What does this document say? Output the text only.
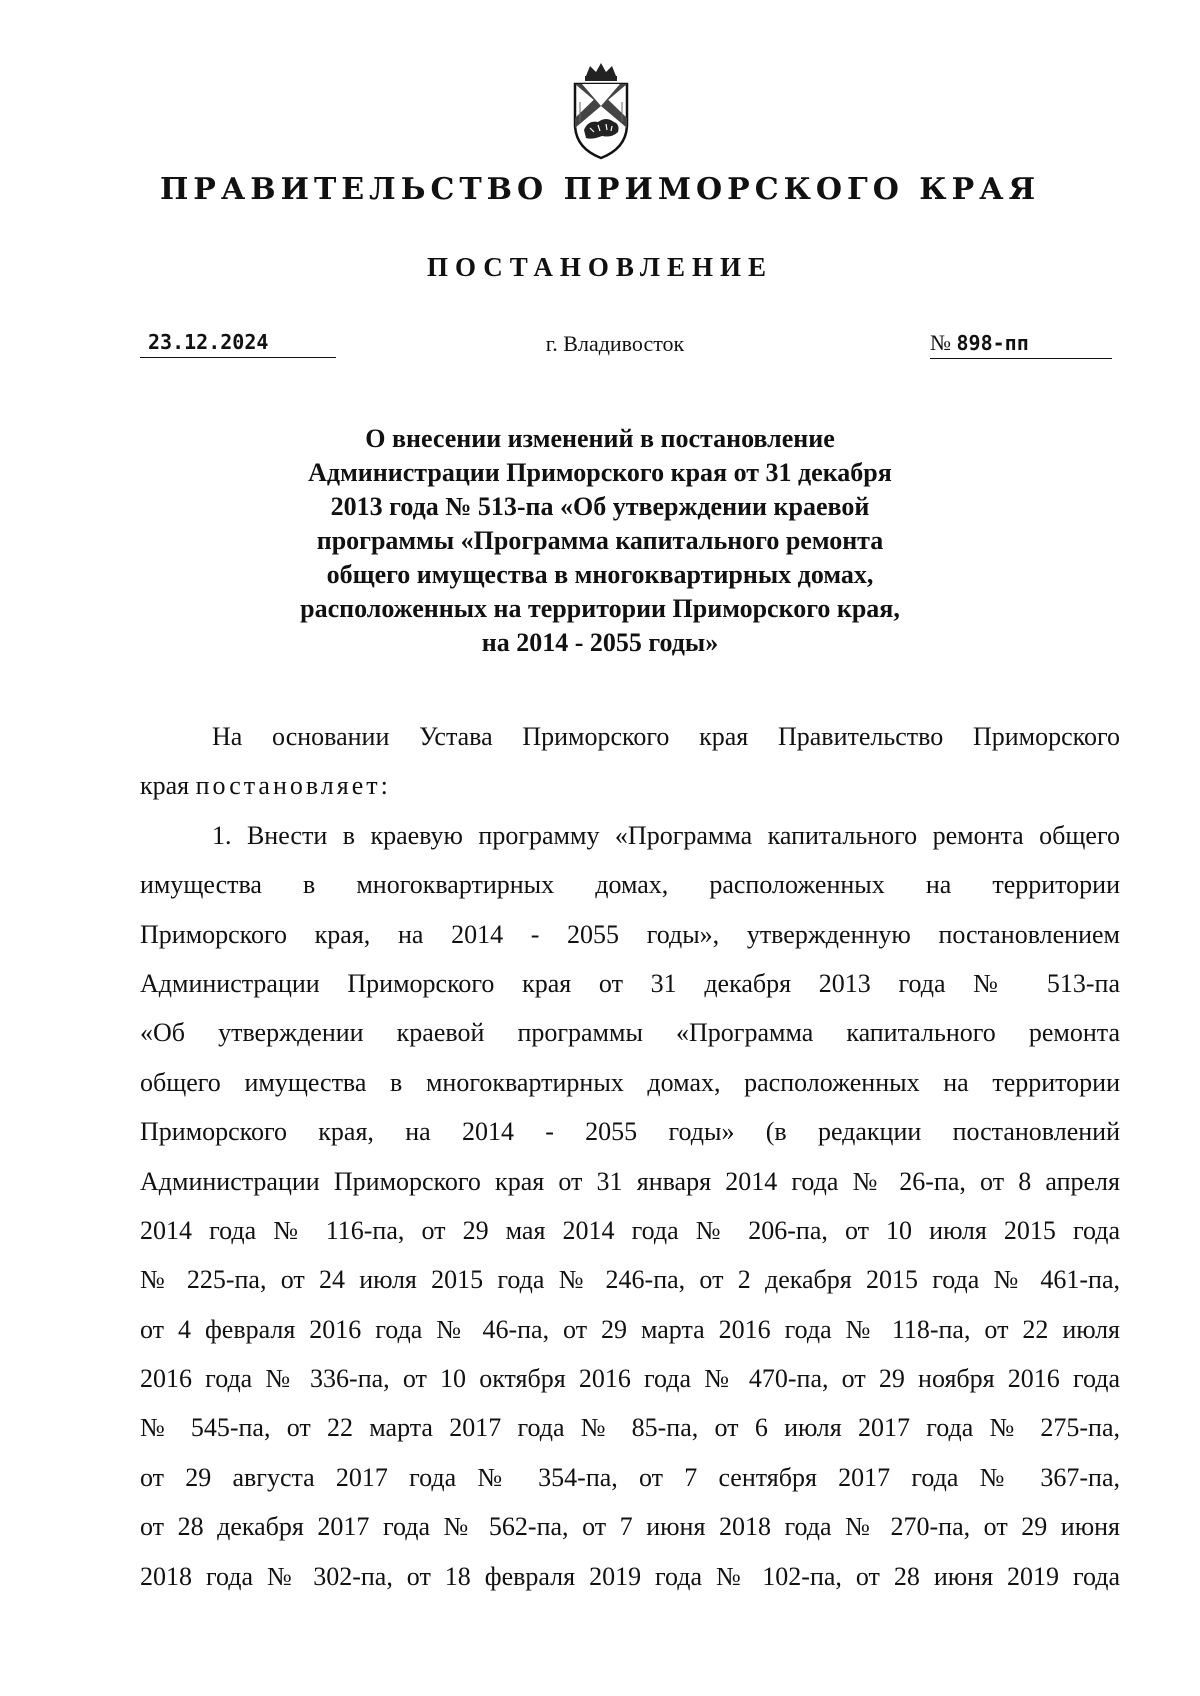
ПРАВИТЕЛЬСТВО ПРИМОРСКОГО КРАЯ
ПОСТАНОВЛЕНИЕ
23.12.2024	г. Владивосток	№ 898-пп
О внесении изменений в постановление
Администрации Приморского края от 31 декабря
2013 года № 513-па «Об утверждении краевой
программы «Программа капитального ремонта
общего имущества в многоквартирных домах,
расположенных на территории Приморского края,
на 2014 - 2055 годы»
На основании Устава Приморского края Правительство Приморского
края постановляет:
1. Внести в краевую программу «Программа капитального ремонта общего
имущества в многоквартирных домах, расположенных на территории
Приморского края, на 2014 - 2055 годы», утвержденную постановлением
Администрации Приморского края от 31 декабря 2013 года № 513-па
«Об утверждении краевой программы «Программа капитального ремонта
общего имущества в многоквартирных домах, расположенных на территории
Приморского края, на 2014 - 2055 годы» (в редакции постановлений
Администрации Приморского края от 31 января 2014 года № 26-па, от 8 апреля
2014 года № 116-па, от 29 мая 2014 года № 206-па, от 10 июля 2015 года
№ 225-па, от 24 июля 2015 года № 246-па, от 2 декабря 2015 года № 461-па,
от 4 февраля 2016 года № 46-па, от 29 марта 2016 года № 118-па, от 22 июля
2016 года № 336-па, от 10 октября 2016 года № 470-па, от 29 ноября 2016 года
№ 545-па, от 22 марта 2017 года № 85-па, от 6 июля 2017 года № 275-па,
от 29 августа 2017 года № 354-па, от 7 сентября 2017 года № 367-па,
от 28 декабря 2017 года № 562-па, от 7 июня 2018 года № 270-па, от 29 июня
2018 года № 302-па, от 18 февраля 2019 года № 102-па, от 28 июня 2019 года
